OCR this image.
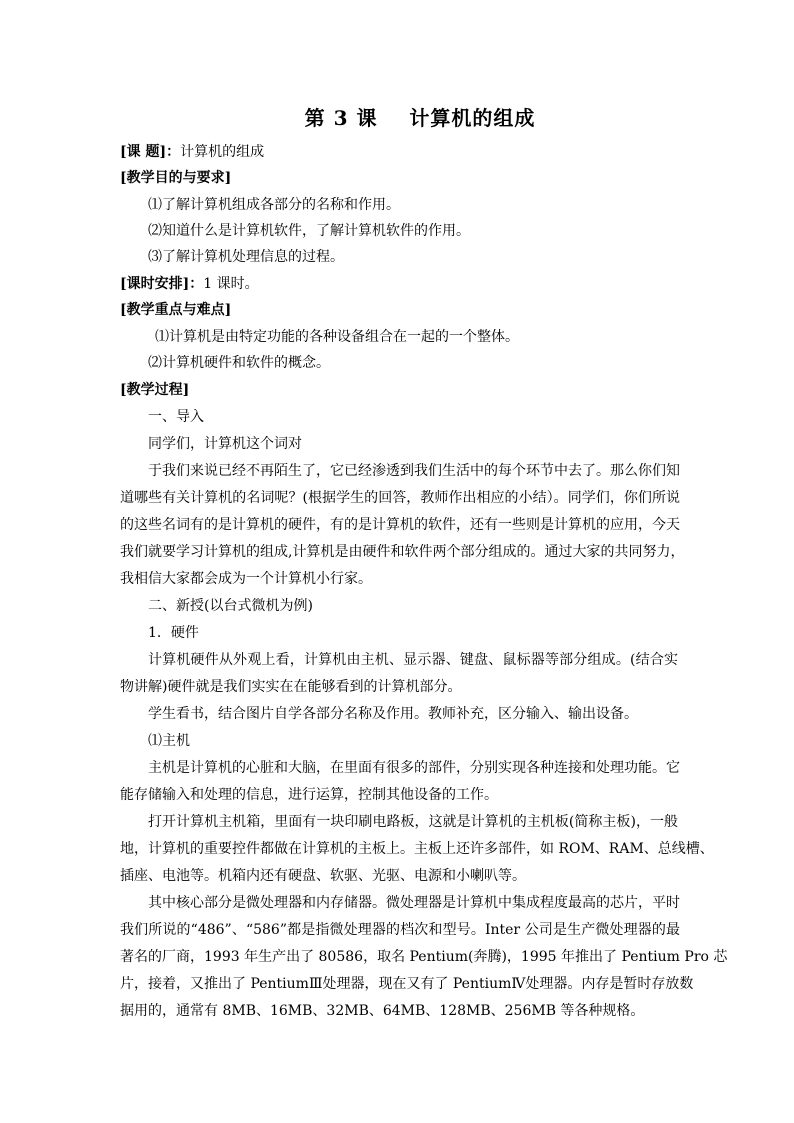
第 3 课    计算机的组成
[课 题]：计算机的组成
[教学目的与要求]
⑴了解计算机组成各部分的名称和作用。
⑵知道什么是计算机软件，了解计算机软件的作用。
⑶了解计算机处理信息的过程。
[课时安排]：1 课时。
[教学重点与难点]
⑴计算机是由特定功能的各种设备组合在一起的一个整体。
⑵计算机硬件和软件的概念。
[教学过程]
一、导入
同学们，计算机这个词对
于我们来说已经不再陌生了，它已经渗透到我们生活中的每个环节中去了。那么你们知
道哪些有关计算机的名词呢？(根据学生的回答，教师作出相应的小结）。同学们，你们所说
的这些名词有的是计算机的硬件，有的是计算机的软件，还有一些则是计算机的应用，今天
我们就要学习计算机的组成,计算机是由硬件和软件两个部分组成的。通过大家的共同努力，
我相信大家都会成为一个计算机小行家。
二、新授(以台式微机为例)
1．硬件
计算机硬件从外观上看，计算机由主机、显示器、键盘、鼠标器等部分组成。(结合实
物讲解)硬件就是我们实实在在能够看到的计算机部分。
学生看书，结合图片自学各部分名称及作用。教师补充，区分输入、输出设备。
⑴主机
主机是计算机的心脏和大脑，在里面有很多的部件，分别实现各种连接和处理功能。它
能存储输入和处理的信息，进行运算，控制其他设备的工作。
打开计算机主机箱，里面有一块印刷电路板，这就是计算机的主机板(简称主板)，一般
地，计算机的重要控件都做在计算机的主板上。主板上还许多部件，如 ROM、RAM、总线槽、
插座、电池等。机箱内还有硬盘、软驱、光驱、电源和小喇叭等。
其中核心部分是微处理器和内存储器。微处理器是计算机中集成程度最高的芯片，平时
我们所说的“486”、“586”都是指微处理器的档次和型号。Inter 公司是生产微处理器的最
著名的厂商，1993 年生产出了 80586，取名 Pentium(奔腾)，1995 年推出了 Pentium Pro 芯
片，接着，又推出了 PentiumⅢ处理器，现在又有了 PentiumⅣ处理器。内存是暂时存放数
据用的，通常有 8MB、16MB、32MB、64MB、128MB、256MB 等各种规格。
